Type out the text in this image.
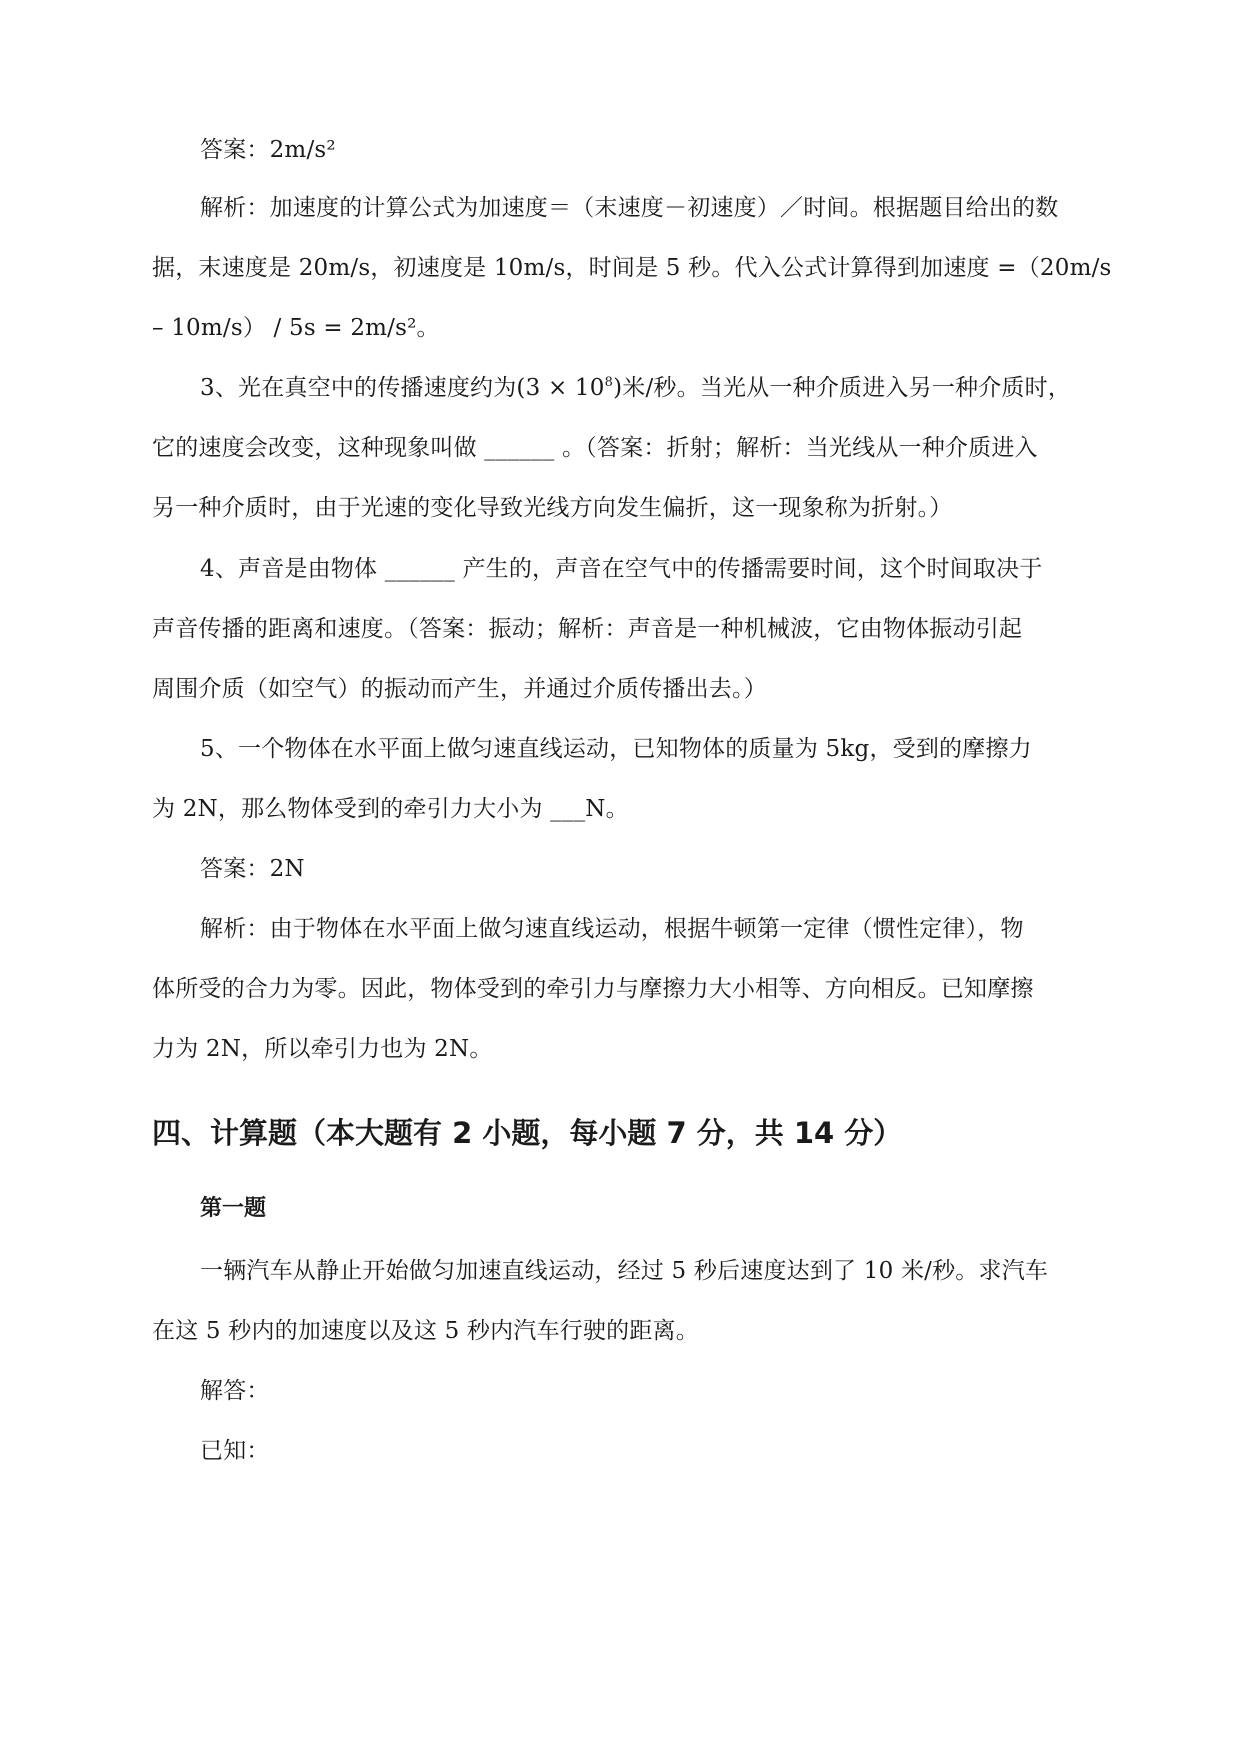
答案：2m/s²
解析：加速度的计算公式为加速度＝（末速度－初速度）／时间。根据题目给出的数
据，末速度是 20m/s，初速度是 10m/s，时间是 5 秒。代入公式计算得到加速度 =（20m/s
– 10m/s） / 5s = 2m/s²。
3、光在真空中的传播速度约为$(3 \times 10^8)$米/秒。当光从一种介质进入另一种介质时，
它的速度会改变，这种现象叫做 ______ 。（答案：折射；解析：当光线从一种介质进入
另一种介质时，由于光速的变化导致光线方向发生偏折，这一现象称为折射。）
4、声音是由物体 ______ 产生的，声音在空气中的传播需要时间，这个时间取决于
声音传播的距离和速度。（答案：振动；解析：声音是一种机械波，它由物体振动引起
周围介质（如空气）的振动而产生，并通过介质传播出去。）
5、一个物体在水平面上做匀速直线运动，已知物体的质量为 5kg，受到的摩擦力
为 2N，那么物体受到的牵引力大小为 ___N。
答案：2N
解析：由于物体在水平面上做匀速直线运动，根据牛顿第一定律（惯性定律），物
体所受的合力为零。因此，物体受到的牵引力与摩擦力大小相等、方向相反。已知摩擦
力为 2N，所以牵引力也为 2N。
四、计算题（本大题有 2 小题，每小题 7 分，共 14 分）
第一题
一辆汽车从静止开始做匀加速直线运动，经过 5 秒后速度达到了 10 米/秒。求汽车
在这 5 秒内的加速度以及这 5 秒内汽车行驶的距离。
解答：
已知：
